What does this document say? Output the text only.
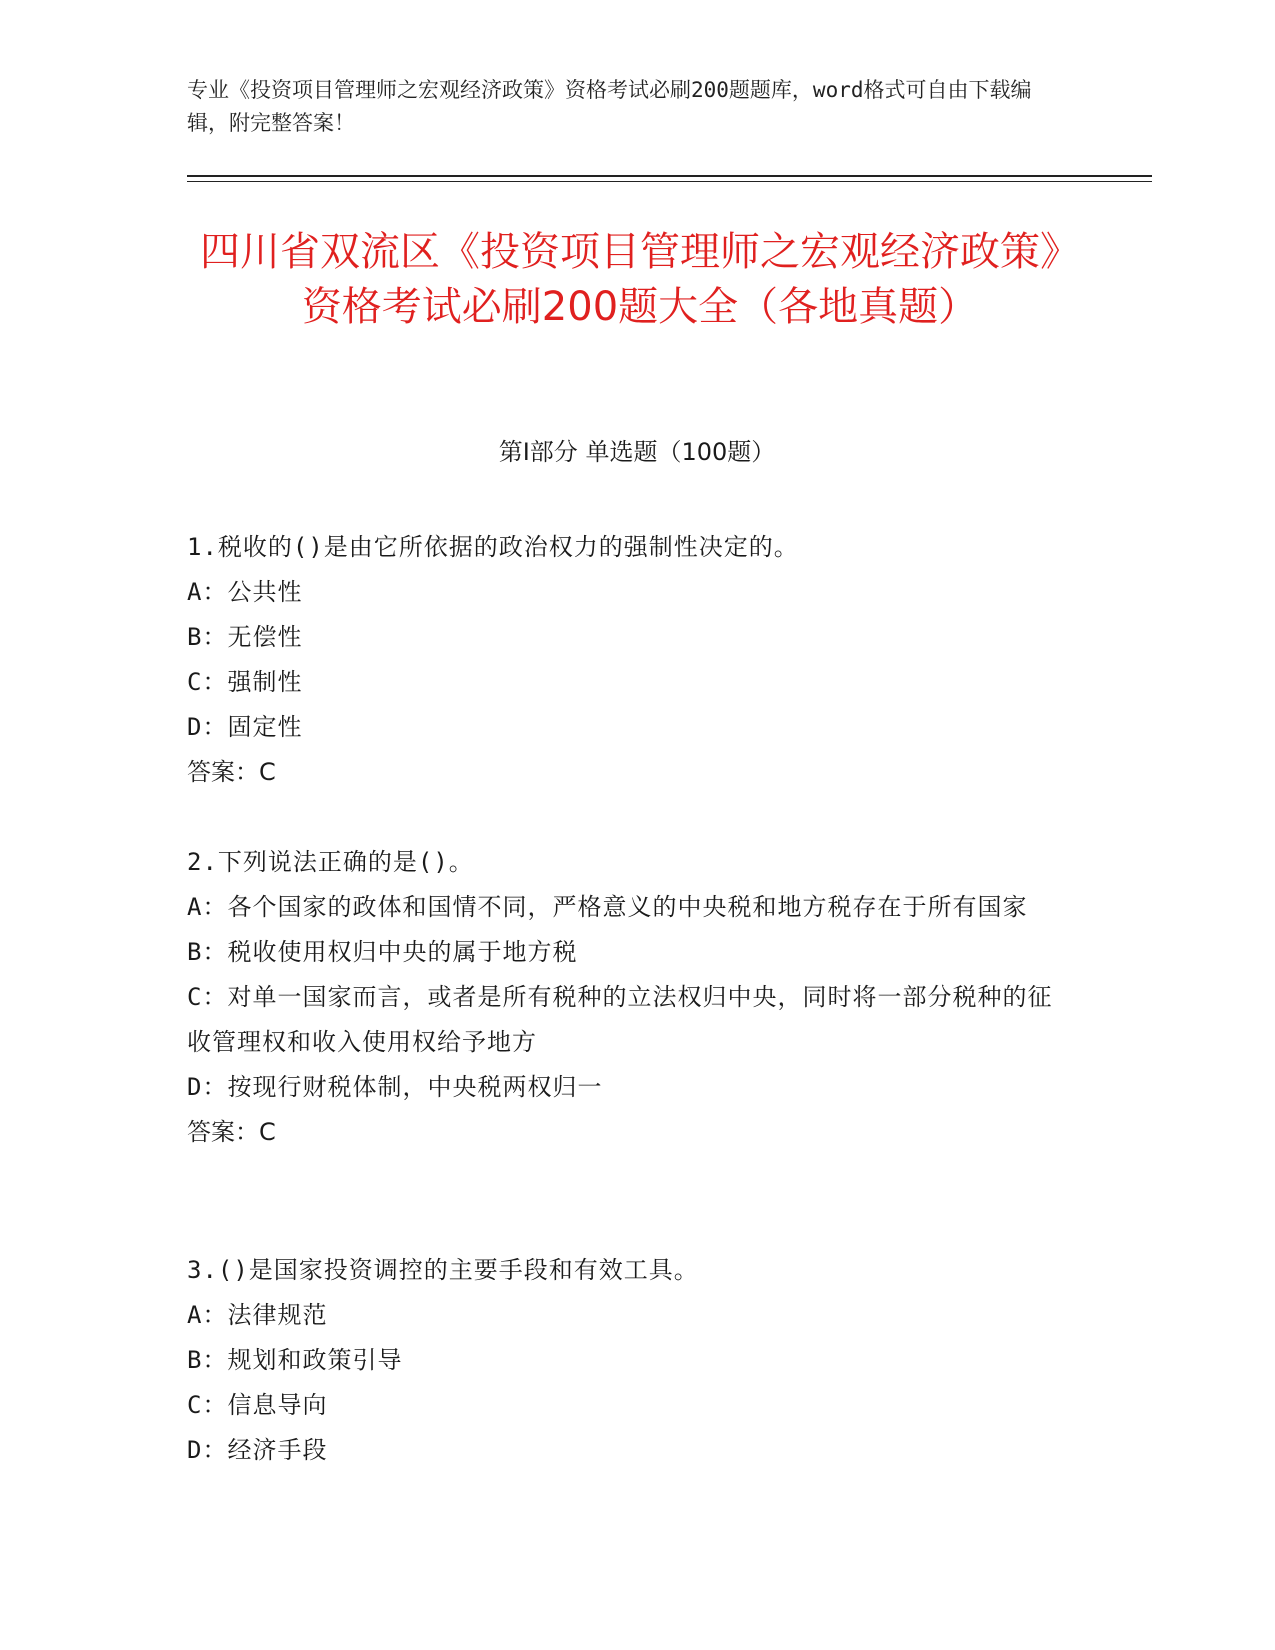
专业《投资项目管理师之宏观经济政策》资格考试必刷200题题库，word格式可自由下载编辑，附完整答案！
四川省双流区《投资项目管理师之宏观经济政策》资格考试必刷200题大全（各地真题）
第I部分 单选题（100题）
1.税收的()是由它所依据的政治权力的强制性决定的。
A：公共性
B：无偿性
C：强制性
D：固定性
答案：C
2.下列说法正确的是()。
A：各个国家的政体和国情不同，严格意义的中央税和地方税存在于所有国家
B：税收使用权归中央的属于地方税
C：对单一国家而言，或者是所有税种的立法权归中央，同时将一部分税种的征收管理权和收入使用权给予地方
D：按现行财税体制，中央税两权归一
答案：C
3.()是国家投资调控的主要手段和有效工具。
A：法律规范
B：规划和政策引导
C：信息导向
D：经济手段
